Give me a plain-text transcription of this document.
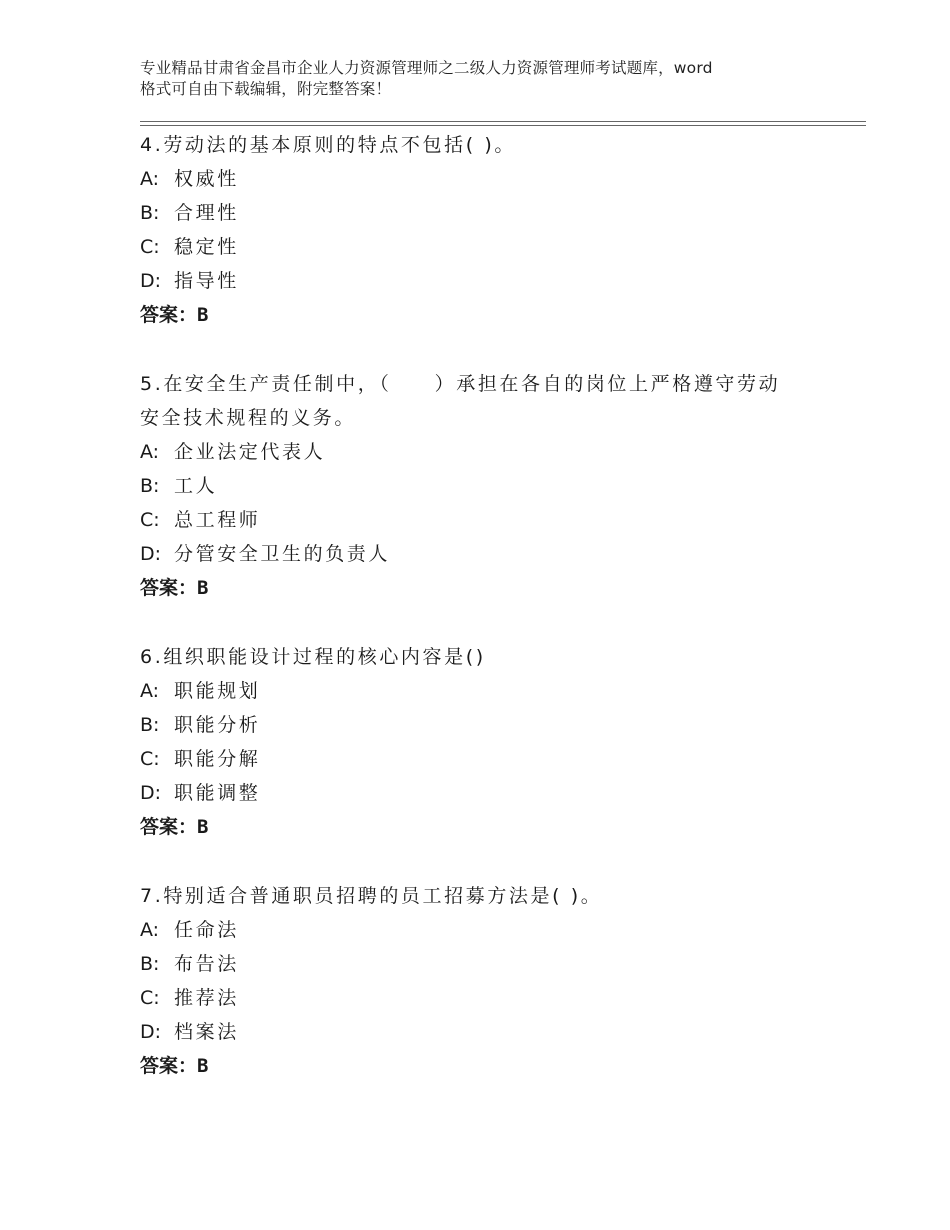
专业精品甘肃省金昌市企业人力资源管理师之二级人力资源管理师考试题库，word
格式可自由下载编辑，附完整答案！
4.劳动法的基本原则的特点不包括( )。
A: 权威性
B: 合理性
C: 稳定性
D: 指导性
答案：B
5.在安全生产责任制中，（　　）承担在各自的岗位上严格遵守劳动
安全技术规程的义务。
A: 企业法定代表人
B: 工人
C: 总工程师
D: 分管安全卫生的负责人
答案：B
6.组织职能设计过程的核心内容是()
A: 职能规划
B: 职能分析
C: 职能分解
D: 职能调整
答案：B
7.特别适合普通职员招聘的员工招募方法是( )。
A: 任命法
B: 布告法
C: 推荐法
D: 档案法
答案：B
